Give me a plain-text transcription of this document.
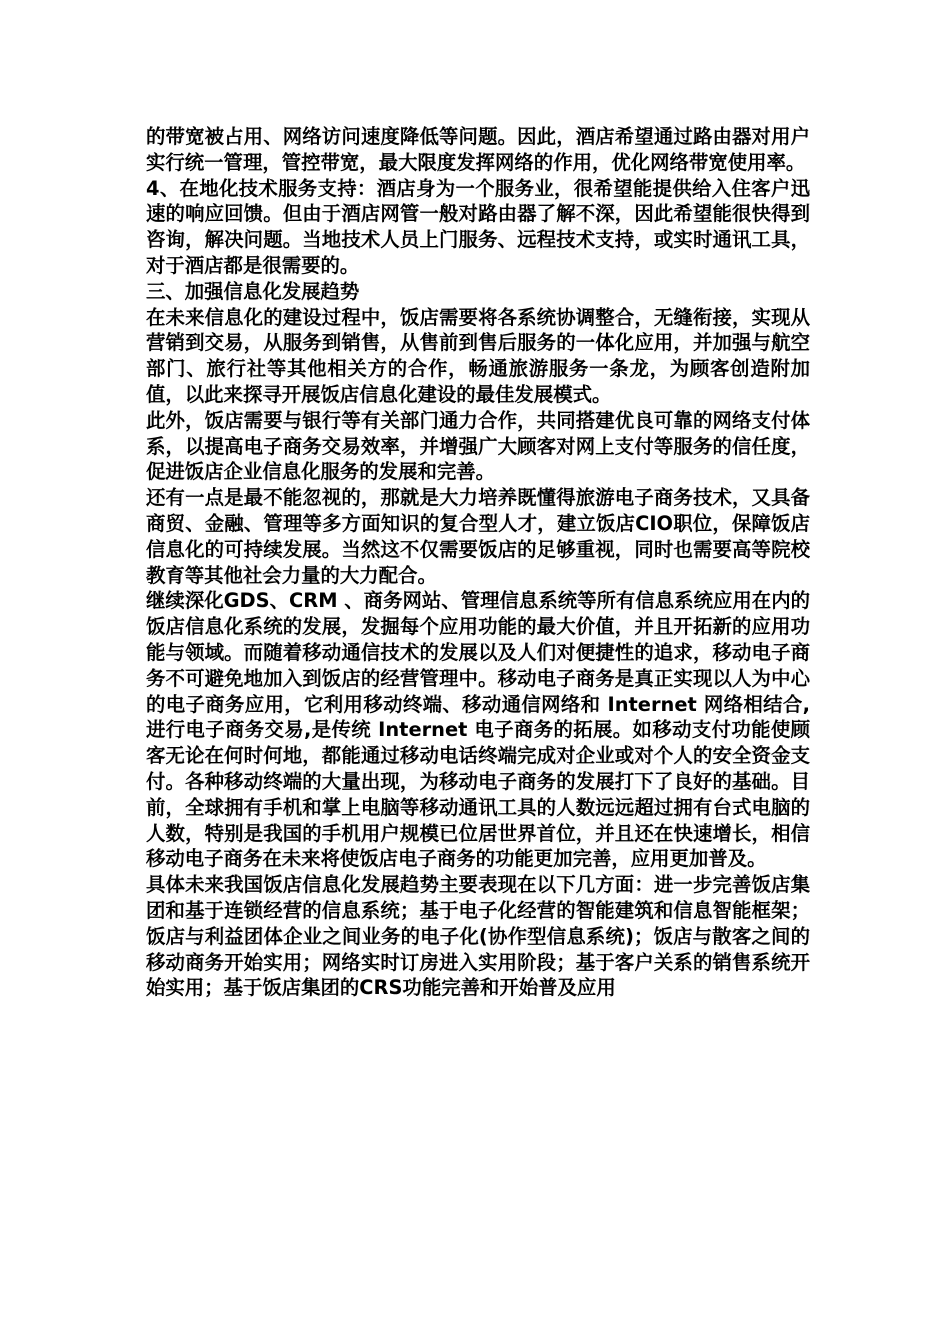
的带宽被占用、网络访问速度降低等问题。因此，酒店希望通过路由器对用户实行统一管理，管控带宽，最大限度发挥网络的作用，优化网络带宽使用率。

4、在地化技术服务支持：酒店身为一个服务业，很希望能提供给入住客户迅速的响应回馈。但由于酒店网管一般对路由器了解不深，因此希望能很快得到咨询，解决问题。当地技术人员上门服务、远程技术支持，或实时通讯工具，对于酒店都是很需要的。

三、加强信息化发展趋势

在未来信息化的建设过程中，饭店需要将各系统协调整合，无缝衔接，实现从营销到交易，从服务到销售，从售前到售后服务的一体化应用，并加强与航空部门、旅行社等其他相关方的合作，畅通旅游服务一条龙，为顾客创造附加值，以此来探寻开展饭店信息化建设的最佳发展模式。

此外，饭店需要与银行等有关部门通力合作，共同搭建优良可靠的网络支付体系，以提高电子商务交易效率，并增强广大顾客对网上支付等服务的信任度，促进饭店企业信息化服务的发展和完善。

还有一点是最不能忽视的，那就是大力培养既懂得旅游电子商务技术，又具备商贸、金融、管理等多方面知识的复合型人才，建立饭店CIO职位，保障饭店信息化的可持续发展。当然这不仅需要饭店的足够重视，同时也需要高等院校教育等其他社会力量的大力配合。

继续深化GDS、CRM 、商务网站、管理信息系统等所有信息系统应用在内的饭店信息化系统的发展，发掘每个应用功能的最大价值，并且开拓新的应用功能与领域。而随着移动通信技术的发展以及人们对便捷性的追求，移动电子商务不可避免地加入到饭店的经营管理中。移动电子商务是真正实现以人为中心的电子商务应用，它利用移动终端、移动通信网络和 Internet 网络相结合,进行电子商务交易,是传统 Internet 电子商务的拓展。如移动支付功能使顾客无论在何时何地，都能通过移动电话终端完成对企业或对个人的安全资金支付。各种移动终端的大量出现，为移动电子商务的发展打下了良好的基础。目前，全球拥有手机和掌上电脑等移动通讯工具的人数远远超过拥有台式电脑的人数，特别是我国的手机用户规模已位居世界首位，并且还在快速增长，相信移动电子商务在未来将使饭店电子商务的功能更加完善，应用更加普及。

具体未来我国饭店信息化发展趋势主要表现在以下几方面：进一步完善饭店集团和基于连锁经营的信息系统；基于电子化经营的智能建筑和信息智能框架；饭店与利益团体企业之间业务的电子化(协作型信息系统)；饭店与散客之间的移动商务开始实用；网络实时订房进入实用阶段；基于客户关系的销售系统开始实用；基于饭店集团的CRS功能完善和开始普及应用
